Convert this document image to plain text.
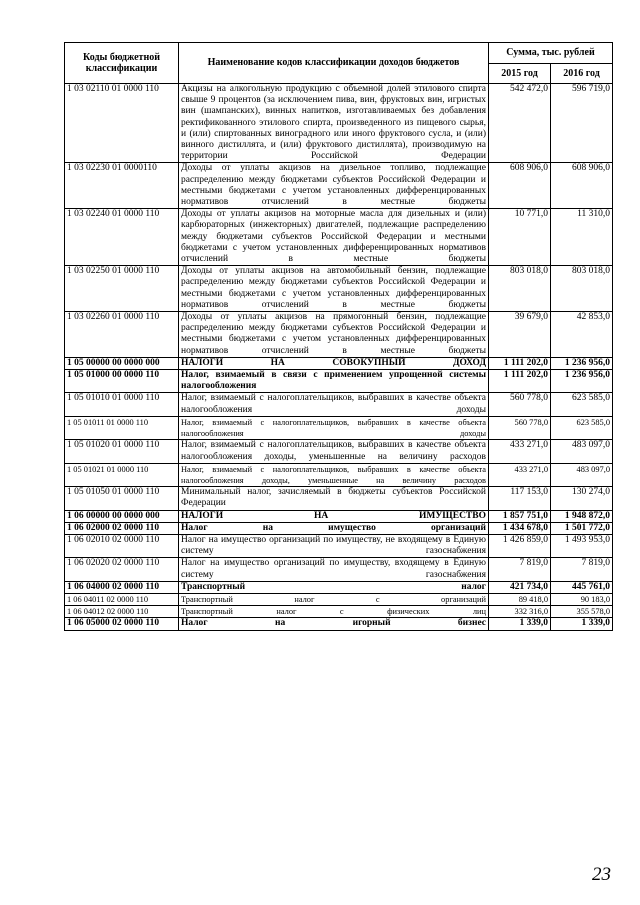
Коды бюджетной классификации	Наименование кодов классификации доходов бюджетов	Сумма, тыс. рублей	
		2015 год	2016 год
1 03 02110 01 0000 110	Акцизы на алкогольную продукцию с объемной долей этилового спирта свыше 9 процентов (за исключением пива, вин, фруктовых вин, игристых вин (шампанских), винных напитков, изготавливаемых без добавления ректификованного этилового спирта, произведенного из пищевого сырья, и (или) спиртованных виноградного или иного фруктового сусла, и (или) винного дистиллята, и (или) фруктового дистиллята), производимую на территории Российской Федерации	542 472,0	596 719,0
1 03 02230 01 0000110	Доходы от уплаты акцизов на дизельное топливо, подлежащие распределению между бюджетами субъектов Российской Федерации и местными бюджетами с учетом установленных дифференцированных нормативов отчислений в местные бюджеты	608 906,0	608 906,0
1 03 02240 01 0000 110	Доходы от уплаты акцизов на моторные масла для дизельных и (или) карбюраторных (инжекторных) двигателей, подлежащие распределению между бюджетами субъектов Российской Федерации и местными бюджетами с учетом установленных дифференцированных нормативов отчислений в местные бюджеты	10 771,0	11 310,0
1 03 02250 01 0000 110	Доходы от уплаты акцизов на автомобильный бензин, подлежащие распределению между бюджетами субъектов Российской Федерации и местными бюджетами с учетом установленных дифференцированных нормативов отчислений в местные бюджеты	803 018,0	803 018,0
1 03 02260 01 0000 110	Доходы от уплаты акцизов на прямогонный бензин, подлежащие распределению между бюджетами субъектов Российской Федерации и местными бюджетами с учетом установленных дифференцированных нормативов отчислений в местные бюджеты	39 679,0	42 853,0
1 05 00000 00 0000 000	НАЛОГИ НА СОВОКУПНЫЙ ДОХОД	1 111 202,0	1 236 956,0
1 05 01000 00 0000 110	Налог, взимаемый в связи с применением упрощенной системы налогообложения	1 111 202,0	1 236 956,0
1 05 01010 01 0000 110	Налог, взимаемый с налогоплательщиков, выбравших в качестве объекта налогообложения доходы	560 778,0	623 585,0
1 05 01011 01 0000 110	Налог, взимаемый с налогоплательщиков, выбравших в качестве объекта налогообложения доходы	560 778,0	623 585,0
1 05 01020 01 0000 110	Налог, взимаемый с налогоплательщиков, выбравших в качестве объекта налогообложения доходы, уменьшенные на величину расходов	433 271,0	483 097,0
1 05 01021 01 0000 110	Налог, взимаемый с налогоплательщиков, выбравших в качестве объекта налогообложения доходы, уменьшенные на величину расходов	433 271,0	483 097,0
1 05 01050 01 0000 110	Минимальный налог, зачисляемый в бюджеты субъектов Российской Федерации	117 153,0	130 274,0
1 06 00000 00 0000 000	НАЛОГИ НА ИМУЩЕСТВО	1 857 751,0	1 948 872,0
1 06 02000 02 0000 110	Налог на имущество организаций	1 434 678,0	1 501 772,0
1 06 02010 02 0000 110	Налог на имущество организаций по имуществу, не входящему в Единую систему газоснабжения	1 426 859,0	1 493 953,0
1 06 02020 02 0000 110	Налог на имущество организаций по имуществу, входящему в Единую систему газоснабжения	7 819,0	7 819,0
1 06 04000 02 0000 110	Транспортный налог	421 734,0	445 761,0
1 06 04011 02 0000 110	Транспортный налог с организаций	89 418,0	90 183,0
1 06 04012 02 0000 110	Транспортный налог с физических лиц	332 316,0	355 578,0
1 06 05000 02 0000 110	Налог на игорный бизнес	1 339,0	1 339,0
23
